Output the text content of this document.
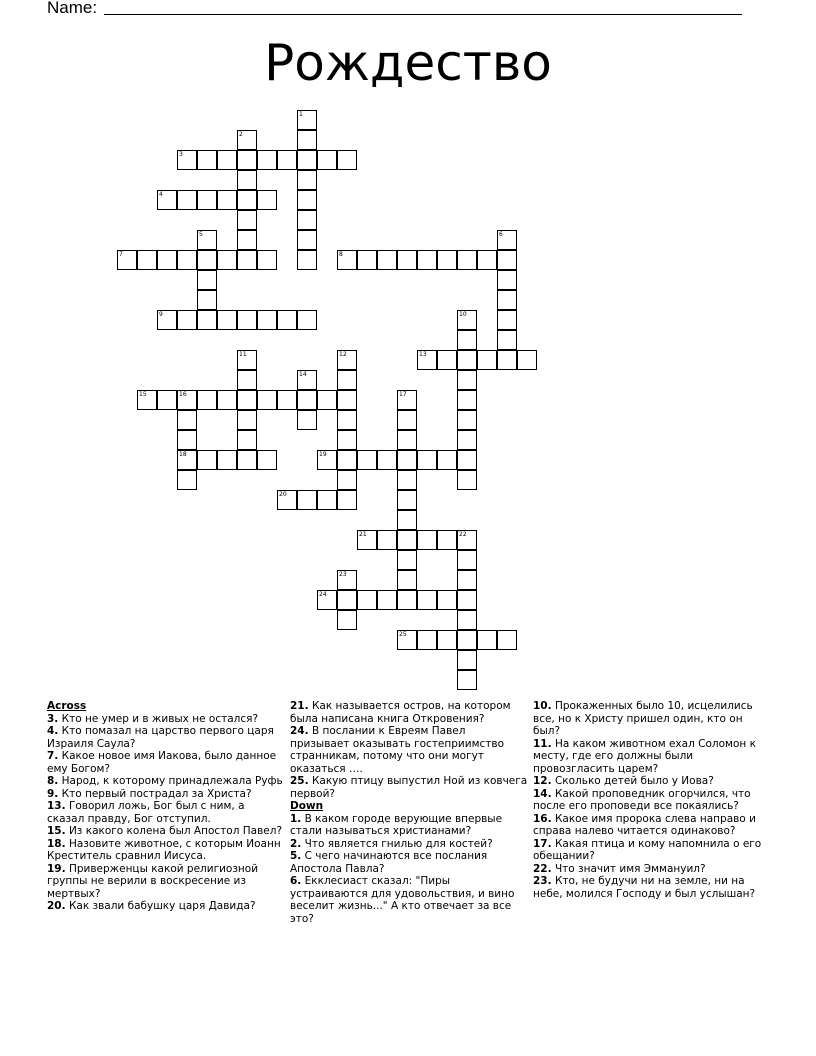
Name:
Рождество
1
2
3
4
5	6
7	8
9	10
11	12	13
14
15	16	17
18	19
20
21	22
23
24
25
Across
3. Кто не умер и в живых не остался?
4. Кто помазал на царство первого царя Израиля Саула?
7. Какое новое имя Иакова, было данное ему Богом?
8. Народ, к которому принадлежала Руфь
9. Кто первый пострадал за Христа?
13. Говорил ложь, Бог был с ним, а сказал правду, Бог отступил.
15. Из какого колена был Апостол Павел?
18. Назовите животное, с которым Иоанн Креститель сравнил Иисуса.
19. Приверженцы какой религиозной группы не верили в воскресение из мертвых?
20. Как звали бабушку царя Давида?
21. Как называется остров, на котором была написана книга Откровения?
24. В послании к Евреям Павел призывает оказывать гостеприимство странникам, потому что они могут оказаться ….
25. Какую птицу выпустил Ной из ковчега первой?
Down
1. В каком городе верующие впервые стали называться христианами?
2. Что является гнилью для костей?
5. С чего начинаются все послания Апостола Павла?
6. Екклесиаст сказал: "Пиры устраиваются для удовольствия, и вино веселит жизнь..." А кто отвечает за все это?
10. Прокаженных было 10, исцелились все, но к Христу пришел один, кто он был?
11. На каком животном ехал Соломон к месту, где его должны были провозгласить царем?
12. Сколько детей было у Иова?
14. Какой проповедник огорчился, что после его проповеди все покаялись?
16. Какое имя пророка слева направо и справа налево читается одинаково?
17. Какая птица и кому напомнила о его обещании?
22. Что значит имя Эммануил?
23. Кто, не будучи ни на земле, ни на небе, молился Господу и был услышан?
